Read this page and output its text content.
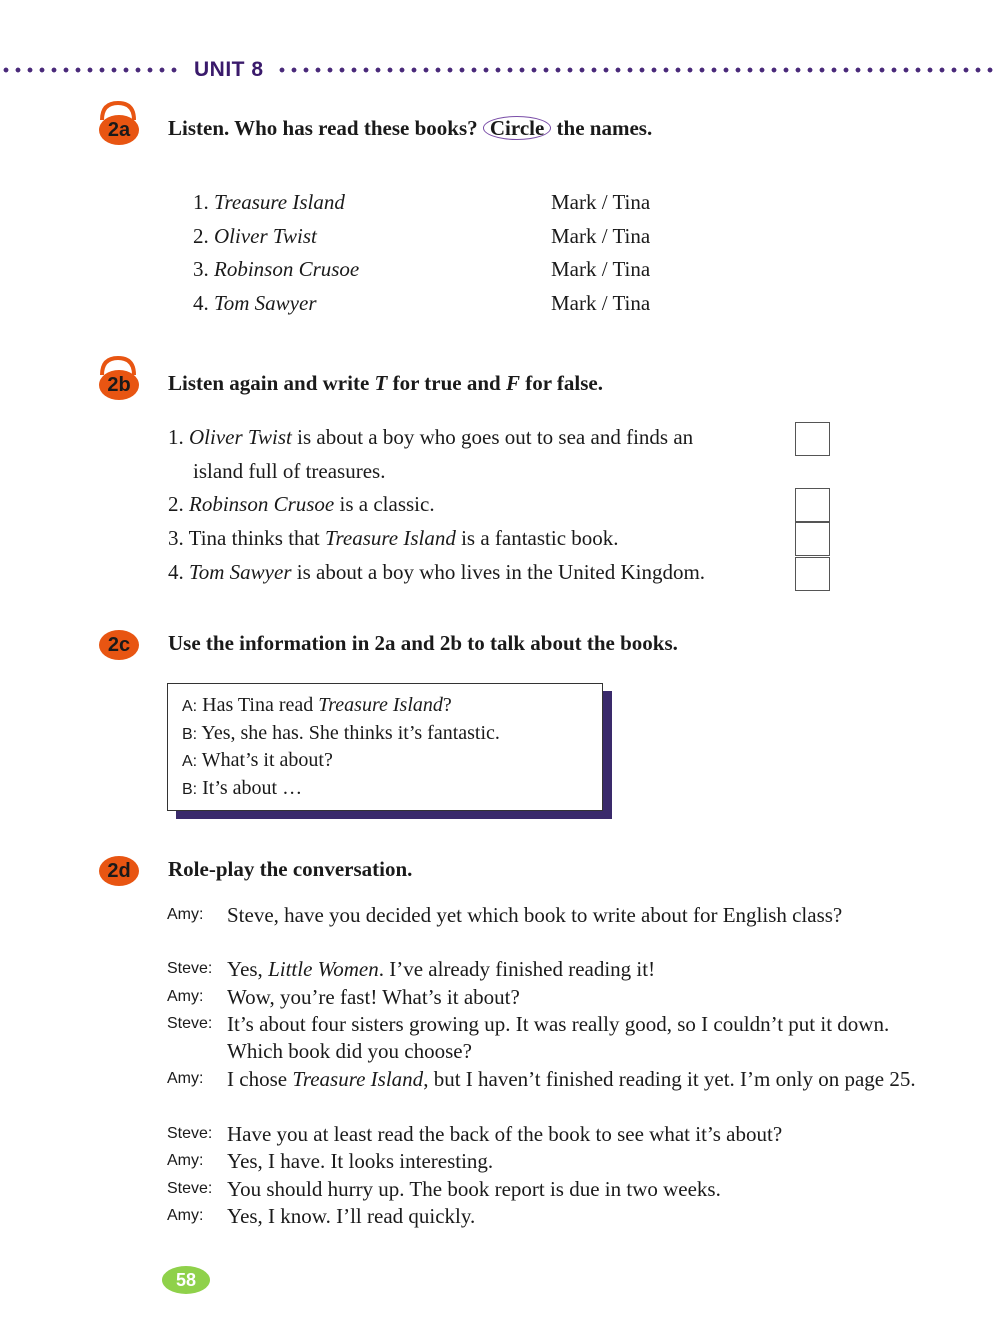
UNIT 8
2a	Listen. Who has read these books? Circle the names.
1. Treasure Island	Mark / Tina
2. Oliver Twist	Mark / Tina
3. Robinson Crusoe	Mark / Tina
4. Tom Sawyer	Mark / Tina
2b	Listen again and write T for true and F for false.
1. Oliver Twist is about a boy who goes out to sea and finds an
island full of treasures.
2. Robinson Crusoe is a classic.
3. Tina thinks that Treasure Island is a fantastic book.
4. Tom Sawyer is about a boy who lives in the United Kingdom.
2c	Use the information in 2a and 2b to talk about the books.
A: Has Tina read Treasure Island?
B: Yes, she has. She thinks it’s fantastic.
A: What’s it about?
B: It’s about …
2d	Role-play the conversation.
Amy: Steve, have you decided yet which book to write about for English class?
Steve: Yes, Little Women. I’ve already finished reading it!
Amy: Wow, you’re fast! What’s it about?
Steve: It’s about four sisters growing up. It was really good, so I couldn’t put it down. Which book did you choose?
Amy: I chose Treasure Island, but I haven’t finished reading it yet. I’m only on page 25.
Steve: Have you at least read the back of the book to see what it’s about?
Amy: Yes, I have. It looks interesting.
Steve: You should hurry up. The book report is due in two weeks.
Amy: Yes, I know. I’ll read quickly.
58
